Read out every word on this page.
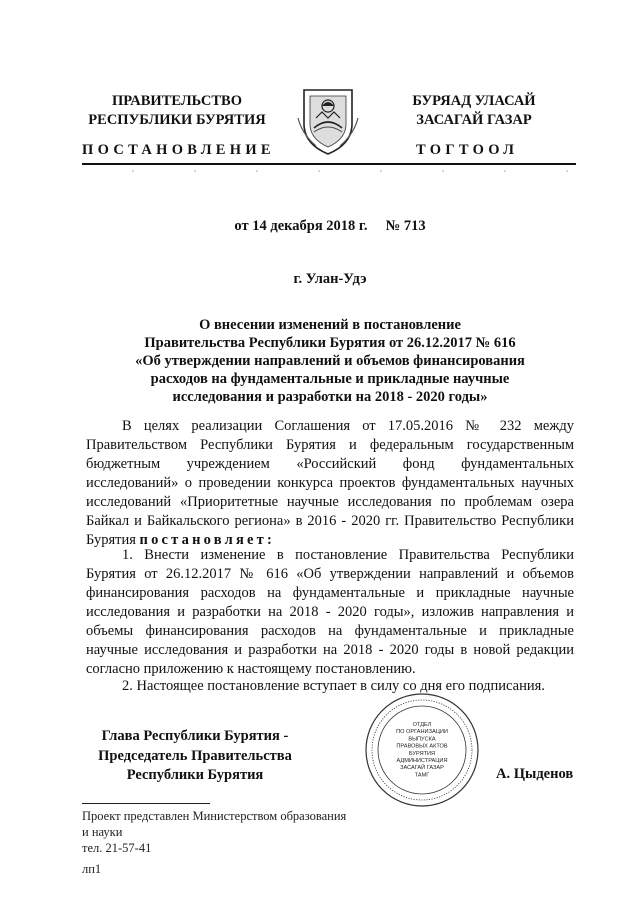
ПРАВИТЕЛЬСТВО
РЕСПУБЛИКИ БУРЯТИЯ
БУРЯАД УЛАСАЙ
ЗАСАГАЙ ГАЗАР
ПОСТАНОВЛЕНИЕ	ТОГТООЛ
от 14 декабря 2018 г.     № 713
г. Улан-Удэ
О внесении изменений в постановление
Правительства Республики Бурятия от 26.12.2017 № 616
«Об утверждении направлений и объемов финансирования
расходов на фундаментальные и прикладные научные
исследования и разработки на 2018 - 2020 годы»
В целях реализации Соглашения от 17.05.2016 № 232 между Правительством Республики Бурятия и федеральным государственным бюджетным учреждением «Российский фонд фундаментальных исследований» о проведении конкурса проектов фундаментальных научных исследований «Приоритетные научные исследования по проблемам озера Байкал и Байкальского региона» в 2016 - 2020 гг. Правительство Республики Бурятия постановляет:
1. Внести изменение в постановление Правительства Республики Бурятия от 26.12.2017 № 616 «Об утверждении направлений и объемов финансирования расходов на фундаментальные и прикладные научные исследования и разработки на 2018 - 2020 годы», изложив направления и объемы финансирования расходов на фундаментальные и прикладные научные исследования и разработки на 2018 - 2020 годы в новой редакции согласно приложению к настоящему постановлению.
2. Настоящее постановление вступает в силу со дня его подписания.
Глава Республики Бурятия -
Председатель Правительства
Республики Бурятия
ОТДЕЛ
ПО ОРГАНИЗАЦИИ
ВЫПУСКА
ПРАВОВЫХ АКТОВ
БУРЯТИЯ
АДМИНИСТРАЦИЯ
ЗАСАГАЙ ГАЗАР
ТАМГ	А. Цыденов
Проект представлен Министерством образования
и науки
тел. 21-57-41
лп1
